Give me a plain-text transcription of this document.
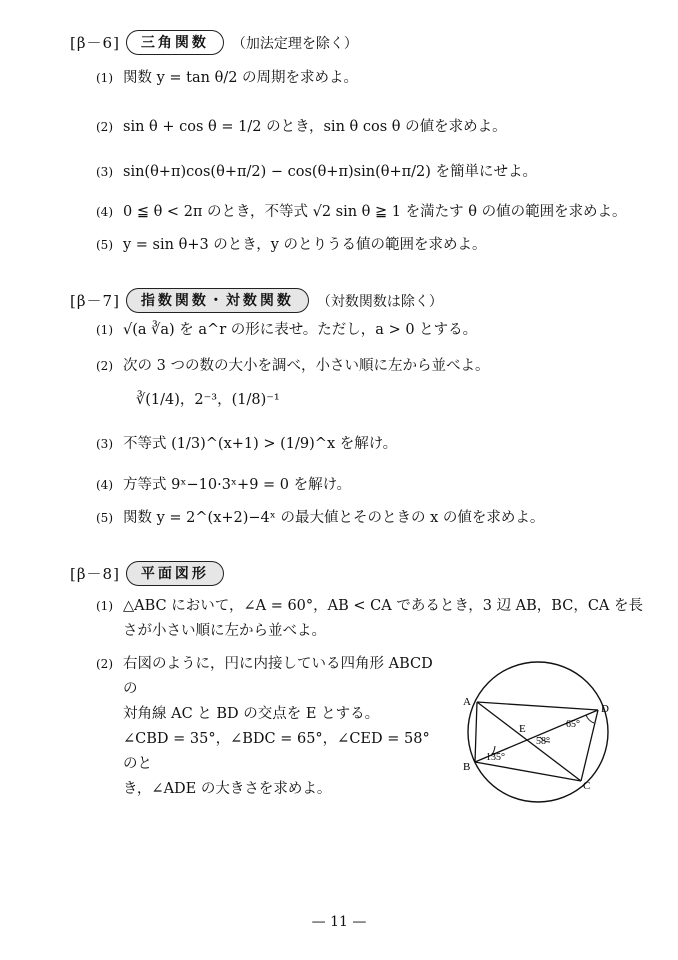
[β－6]	三角関数	（加法定理を除く）
(1) 関数 y = tan θ/2 の周期を求めよ。
(2) sin θ + cos θ = 1/2 のとき，sin θ cos θ の値を求めよ。
(3) sin(θ+π)cos(θ+π/2) − cos(θ+π)sin(θ+π/2) を簡単にせよ。
(4) 0 ≦ θ < 2π のとき，不等式 √2 sin θ ≧ 1 を満たす θ の値の範囲を求めよ。
(5) y = sin θ+3 のとき，y のとりうる値の範囲を求めよ。
[β－7]	指数関数・対数関数	（対数関数は除く）
(1) √(a ∛a) を a^r の形に表せ。ただし，a > 0 とする。
(2) 次の 3 つの数の大小を調べ，小さい順に左から並べよ。
∛(1/4)，2⁻³，(1/8)⁻¹
(3) 不等式 (1/3)^(x+1) > (1/9)^x を解け。
(4) 方等式 9ˣ−10·3ˣ+9 = 0 を解け。
(5) 関数 y = 2^(x+2)−4ˣ の最大値とそのときの x の値を求めよ。
[β－8]	平面図形
(1) △ABC において，∠A = 60°，AB < CA であるとき，3 辺 AB，BC，CA を長さが小さい順に左から並べよ。
(2) 右図のように，円に内接している四角形 ABCD の
対角線 AC と BD の交点を E とする。
∠CBD = 35°，∠BDC = 65°，∠CED = 58° のと
き，∠ADE の大きさを求めよ。
A
B
C
D
E
135°
58°
65°
— 11 —
